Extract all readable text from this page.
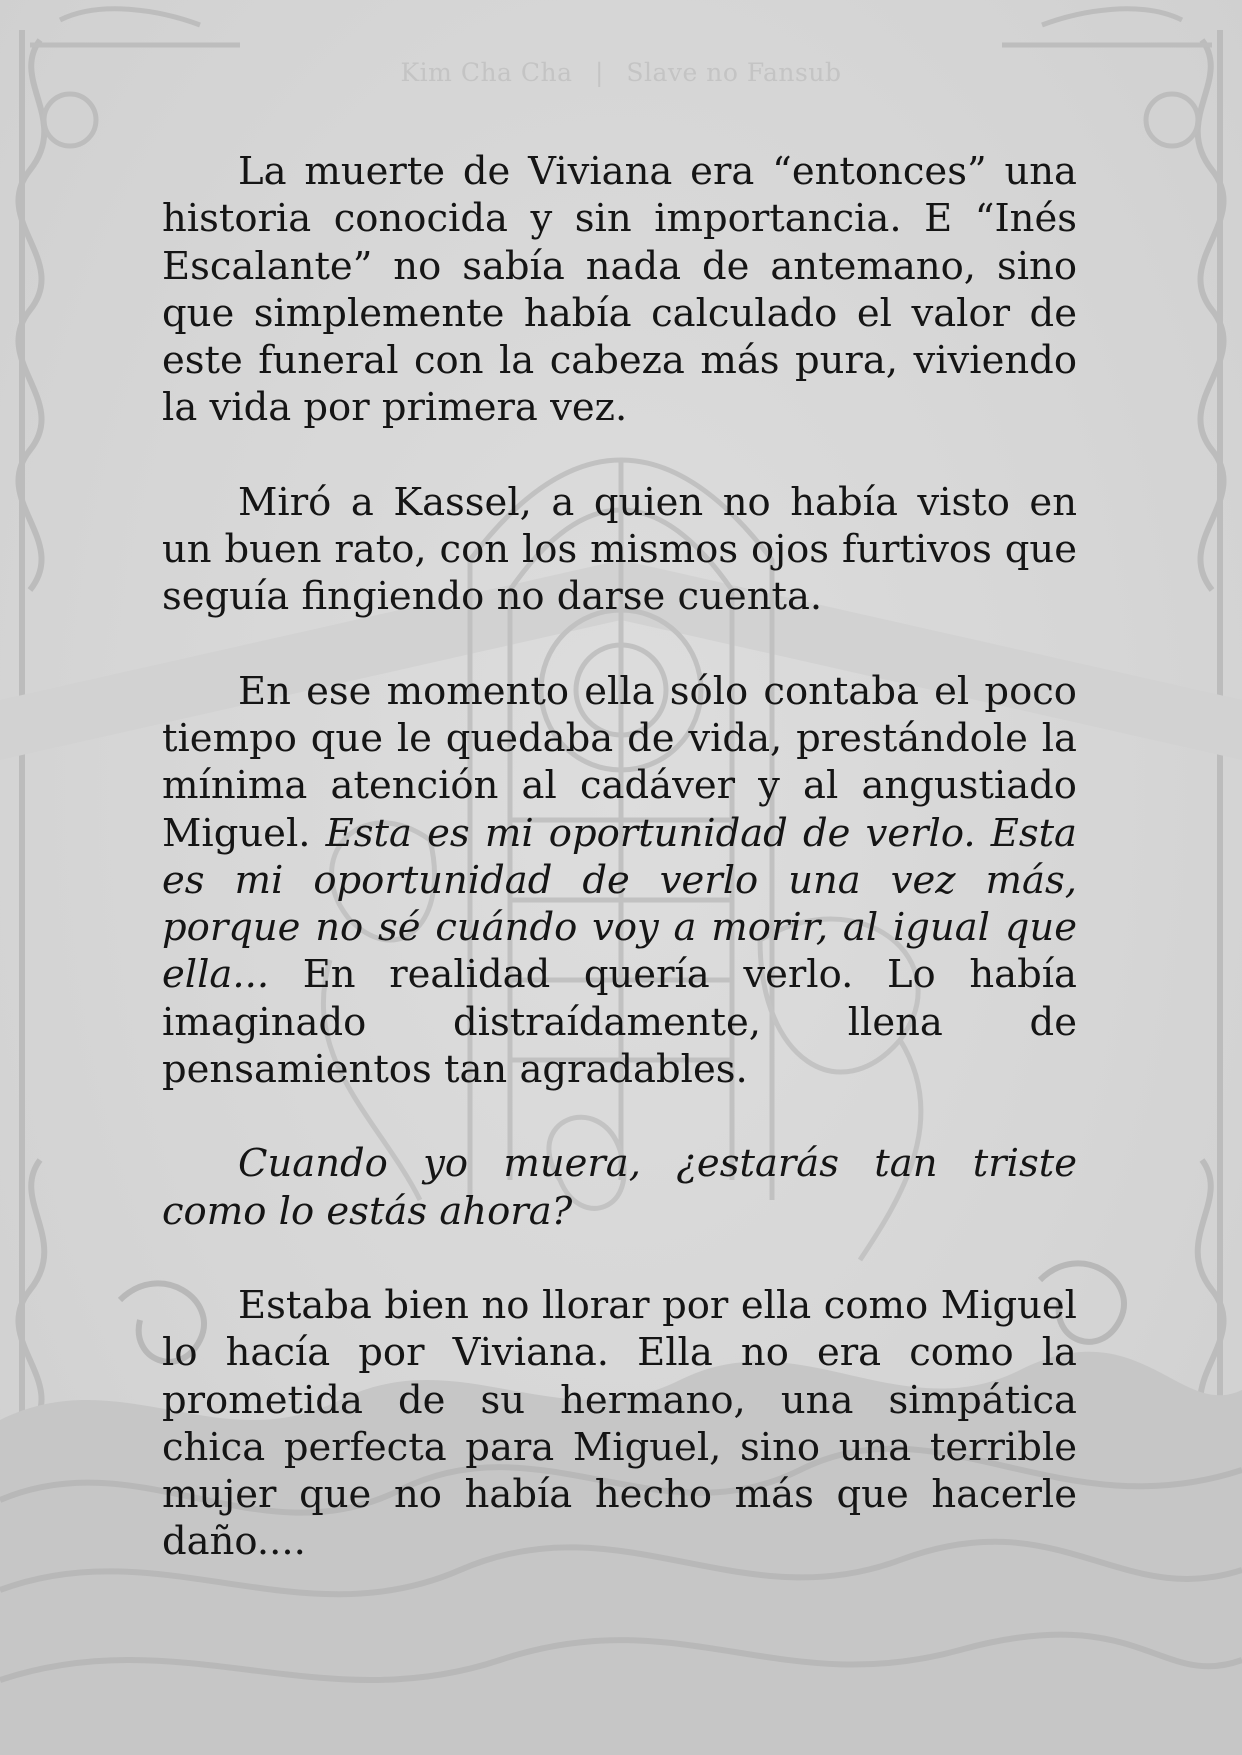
Kim Cha Cha | Slave no Fansub

La muerte de Viviana era “entonces” una historia conocida y sin importancia. E “Inés Escalante” no sabía nada de antemano, sino que simplemente había calculado el valor de este funeral con la cabeza más pura, viviendo la vida por primera vez.

Miró a Kassel, a quien no había visto en un buen rato, con los mismos ojos furtivos que seguía fingiendo no darse cuenta.

En ese momento ella sólo contaba el poco tiempo que le quedaba de vida, prestándole la mínima atención al cadáver y al angustiado Miguel. Esta es mi oportunidad de verlo. Esta es mi oportunidad de verlo una vez más, porque no sé cuándo voy a morir, al igual que ella... En realidad quería verlo. Lo había imaginado distraídamente, llena de pensamientos tan agradables.

Cuando yo muera, ¿estarás tan triste como lo estás ahora?

Estaba bien no llorar por ella como Miguel lo hacía por Viviana. Ella no era como la prometida de su hermano, una simpática chica perfecta para Miguel, sino una terrible mujer que no había hecho más que hacerle daño....
